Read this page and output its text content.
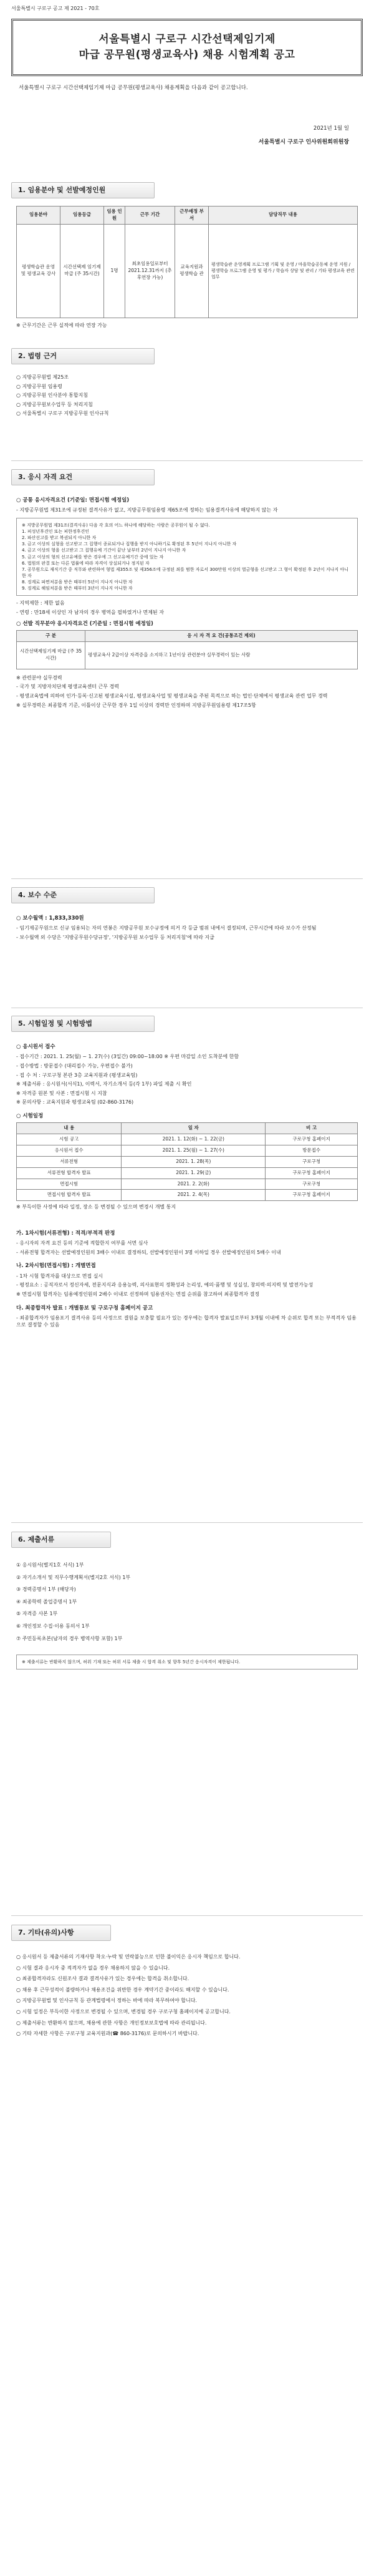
서울특별시 구로구 공고 제 2021 - 70호
서울특별시 구로구 시간선택제임기제
마급 공무원(평생교육사) 채용 시험계획 공고
서울특별시 구로구 시간선택제임기제 마급 공무원(평생교육사) 채용계획을 다음과 같이 공고합니다.
2021년 1월 일
서울특별시 구로구 인사위원회위원장
1. 임용분야 및 선발예정인원
임용분야	임용등급	임용 인원	근무 기간	근무예정 부서	담당직무 내용
평생학습관 운영 및 평생교육 강사	시간선택제 임기제 마급 (주 35시간)	1명	최초임용일로부터 2021.12.31까지 (추후연장 가능)	교육지원과 평생학습 관	평생학습관 운영계획 프로그램 기획 및 운영 / 마을학습공동체 운영 지원 / 평생학습 프로그램 운영 및 평가 / 학습자 상담 및 관리 / 기타 평생교육 관련 업무
※ 근무기간은 근무 실적에 따라 연장 가능
2. 법령 근거
○ 지방공무원법 제25조
○ 지방공무원 임용령
○ 지방공무원 인사분야 통합지침
○ 지방공무원보수업무 등 처리지침
○ 서울특별시 구로구 지방공무원 인사규칙
3. 응시 자격 요건
○ 공통 응시자격요건 (기준일: 면접시험 예정일)
- 지방공무원법 제31조에 규정된 결격사유가 없고, 지방공무원임용령 제65조에 정하는 임용결격사유에 해당하지 않는 자
※ 지방공무원법 제31조(결격사유) 다음 각 호의 어느 하나에 해당하는 사람은 공무원이 될 수 없다.
1. 피성년후견인 또는 피한정후견인
2. 파산선고를 받고 복권되지 아니한 자
3. 금고 이상의 실형을 선고받고 그 집행이 종료되거나 집행을 받지 아니하기로 확정된 후 5년이 지나지 아니한 자
4. 금고 이상의 형을 선고받고 그 집행유예 기간이 끝난 날부터 2년이 지나지 아니한 자
5. 금고 이상의 형의 선고유예를 받은 경우에 그 선고유예기간 중에 있는 자
6. 법원의 판결 또는 다른 법률에 따라 자격이 상실되거나 정지된 자
7. 공무원으로 재직기간 중 직무와 관련하여 형법 제355조 및 제356조에 규정된 죄를 범한 자로서 300만원 이상의 벌금형을 선고받고 그 형이 확정된 후 2년이 지나지 아니한 자
8. 징계로 파면처분을 받은 때부터 5년이 지나지 아니한 자
9. 징계로 해임처분을 받은 때부터 3년이 지나지 아니한 자
- 지역제한 : 제한 없음
- 연령 : 만18세 이상인 자 남자의 경우 병역을 필하였거나 면제된 자
○ 선발 직무분야 응시자격요건 (기준일 : 면접시험 예정일)
구 분	응 시 자 격 요 건(공통조건 제외)
시간선택제임기제 마급 (주 35시간)	평생교육사 2급이상 자격증을 소지하고 1년이상 관련분야 실무경력이 있는 사람
※ 관련분야 실무경력
- 국가 및 지방자치단체 평생교육센터 근무 경력
- 평생교육법에 의하여 인가·등록·신고된 평생교육시설, 평생교육사업 및 평생교육을 주된 목적으로 하는 법인·단체에서 평생교육 관련 업무 경력
※ 실무경력은 최종합격 기준, 이틀이상 근무한 경우 1일 이상의 경력만 인정하며 지방공무원임용령 제17조5항
4. 보수 수준
○ 보수월액 : 1,833,330원
- 임기제공무원으로 신규 임용되는 자의 연봉은 지방공무원 보수규정에 의거 각 등급 범위 내에서 결정되며, 근무시간에 따라 보수가 산정됨
- 보수월액 외 수당은 '지방공무원수당규정', '지방공무원 보수업무 등 처리지침'에 따라 지급
5. 시험일정 및 시험방법
○ 응시원서 접수
- 접수기간 : 2021. 1. 25(월) ~ 1. 27(수) (3일간) 09:00~18:00 ※ 우편 마감일 소인 도착분에 한함
- 접수방법 : 방문접수 (대리접수 가능, 우편접수 불가)
- 접 수 처 : 구로구청 본관 3층 교육지원과 (평생교육팀)
※ 제출서류 : 응시원서(서식1), 이력서, 자기소개서 등(각 1부) 파일 제출 시 확인
※ 자격증 원본 및 사본 : 면접시험 시 지참
※ 문의사항 : 교육지원과 평생교육팀 (02-860-3176)
○ 시험일정
내 용	일 자	비 고
시험 공고	2021. 1. 12(화) ~ 1. 22(금)	구로구청 홈페이지
응시원서 접수	2021. 1. 25(월) ~ 1. 27(수)	방문접수
서류전형	2021. 1. 28(목)	구로구청
서류전형 합격자 발표	2021. 1. 29(금)	구로구청 홈페이지
면접시험	2021. 2. 2(화)	구로구청
면접시험 합격자 발표	2021. 2. 4(목)	구로구청 홈페이지
※ 부득이한 사정에 따라 일정, 장소 등 변경될 수 있으며 변경시 개별 통지
가. 1차시험(서류전형) : 적격/부적격 판정
- 응시자의 자격 요건 등의 기준에 적합한지 여부를 서면 심사
- 서류전형 합격자는 선발예정인원의 3배수 이내로 결정하되, 선발예정인원이 3명 이하일 경우 선발예정인원의 5배수 이내
나. 2차시험(면접시험) : 개별면접
- 1차 시험 합격자를 대상으로 면접 실시
- 평정요소 : 공직자로서 정신자세, 전문지식과 응용능력, 의사표현의 정확성과 논리성, 예의·품행 및 성실성, 창의력·의지력 및 발전가능성
※ 면접시험 합격자는 임용예정인원의 2배수 이내로 선정하며 임용권자는 면접 순위를 참고하여 최종합격자 결정
다. 최종합격자 발표 : 개별통보 및 구로구청 홈페이지 공고
- 최종합격자가 임용포기 결격사유 등의 사정으로 결원을 보충할 필요가 있는 경우에는 합격자 발표일로부터 3개월 이내에 차 순위로 합격 또는 부적격자 임용으로 결정할 수 있음
6. 제출서류
① 응시원서(별지1호 서식) 1부
② 자기소개서 및 직무수행계획서(별지2호 서식) 1부
③ 경력증명서 1부 (해당자)
④ 최종학력 졸업증명서 1부
⑤ 자격증 사본 1부
⑥ 개인정보 수집·이용 동의서 1부
⑦ 주민등록초본(남자의 경우 병역사항 포함) 1부
※ 제출서류는 반환하지 않으며, 허위 기재 또는 허위 서류 제출 시 합격 취소 및 향후 5년간 응시자격이 제한됩니다.
7. 기타(유의)사항
○ 응시원서 등 제출서류의 기재사항 착오·누락 및 연락불능으로 인한 불이익은 응시자 책임으로 합니다.
○ 시험 결과 응시자 중 적격자가 없을 경우 채용하지 않을 수 있습니다.
○ 최종합격자라도 신원조사 결과 결격사유가 있는 경우에는 합격을 취소합니다.
○ 채용 후 근무성적이 불량하거나 채용조건을 위반한 경우 계약기간 중이라도 해지할 수 있습니다.
○ 지방공무원법 및 인사규칙 등 관계법령에서 정하는 바에 따라 복무하여야 합니다.
○ 시험 일정은 부득이한 사정으로 변경될 수 있으며, 변경될 경우 구로구청 홈페이지에 공고합니다.
○ 제출서류는 반환하지 않으며, 채용에 관한 사항은 개인정보보호법에 따라 관리됩니다.
○ 기타 자세한 사항은 구로구청 교육지원과(☎ 860-3176)로 문의하시기 바랍니다.
